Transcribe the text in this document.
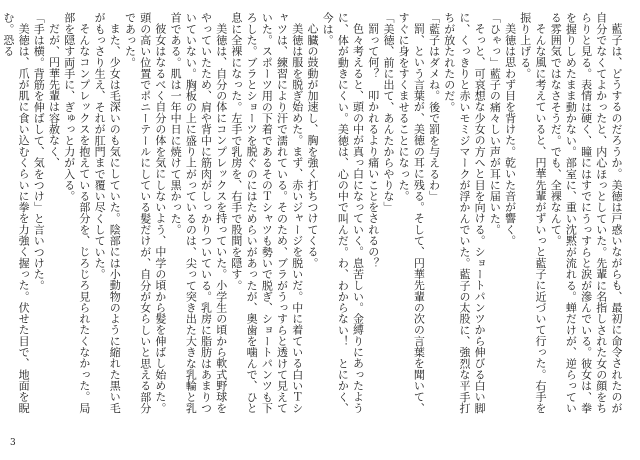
藍子は、どうするのだろうか。美徳は戸惑いながらも、最初に命令されたのが自分でなくてよかったと、内心ほっとしていた。先輩に名指しされた女の顔をちらりと見る。表情は硬く、瞳にはすでにうっすらと涙が滲んでいる。彼女は、拳を握りしめたまま動かない。部室に、重い沈黙が流れる。蝉だけが、逆らっている雰囲気ではなさそうだ。でも、全裸なんて。

そんな風に考えていると、円華先輩がずいっと藍子に近づいて行った。右手を振り上げる。

美徳は思わず目を背けた。乾いた音が響く。

「ひゃっ」藍子の痛々しい声が耳に届いた。

そっと、可哀想な少女の方へと目を向ける。ショートパンツから伸びる白い脚に、くっきりと赤いモミジマークが浮かんでいた。藍子の太股に、強烈な平手打ちが放たれたのだ。

「藍子はダメね。後で罰を与えるわ」

罰、という言葉が、美徳の耳に残る。そして、円華先輩の次の言葉を聞いて、すぐに身をすくませることになった。

「美徳、前に出て、あんたからやりな」

罰って何？　叩かれるより痛いことをされるの？

色々考えると、頭の中が真っ白になっていく。息苦しい。金縛りにあったように、体が動きにくい。美徳は、心の中で叫んだ。わ、わからない！　とにかく、今は。

心臓の鼓動が加速し、胸を強く打ちつけてくる。

美徳は服を脱ぎ始めた。まず、赤いジャージを脱いだ。中に着ている白いＴシャツは、練習により汗で濡れている。そのため、ブラがうっすらと透けて見えていた。スポーツ用の下着であるそのＴシャツも勢いで脱ぎ、ショートパンツも下ろした。ブラとショーツを脱ぐのにはためらいがあったが、奥歯を噛んで、ひと息に全裸になった。左手で乳房を、右手で股間を隠す。

美徳は、自分の体にコンプレックスを持っていた。小学生の頃から軟式野球をやっていたため、肩や背中に筋肉がしっかりついている。乳房に脂肪はあまりついていない。胸板の上に盛り上がっているのは、尖って突き出た大きな乳輪と乳首である。肌は一年中日に焼けて黒かった。

彼女はなるべく自分の体を気にしないよう、中学の頃から髪を伸ばし始めた。頭の高い位置でポニーテールにしている髪だけが、自分が女らしいと思える部分であった。

また、少女は毛深いのも気にしていた。陰部には小動物のように縮れた黒い毛がもっさり生え、それが肛門まで覆い尽くしていた。

そんなコンプレックスを抱えている部分を、じろじろ見られたくなかった。局部を隠す両手に、ぎゅっと力が入る。

だが、円華先輩は容赦なく、

「手は横。背筋を伸ばして、気をつけ」と言いつけた。

美徳は、爪が肌に食い込むくらいに拳を力強く握った。伏せた目で、地面を睨む。恐る

3
